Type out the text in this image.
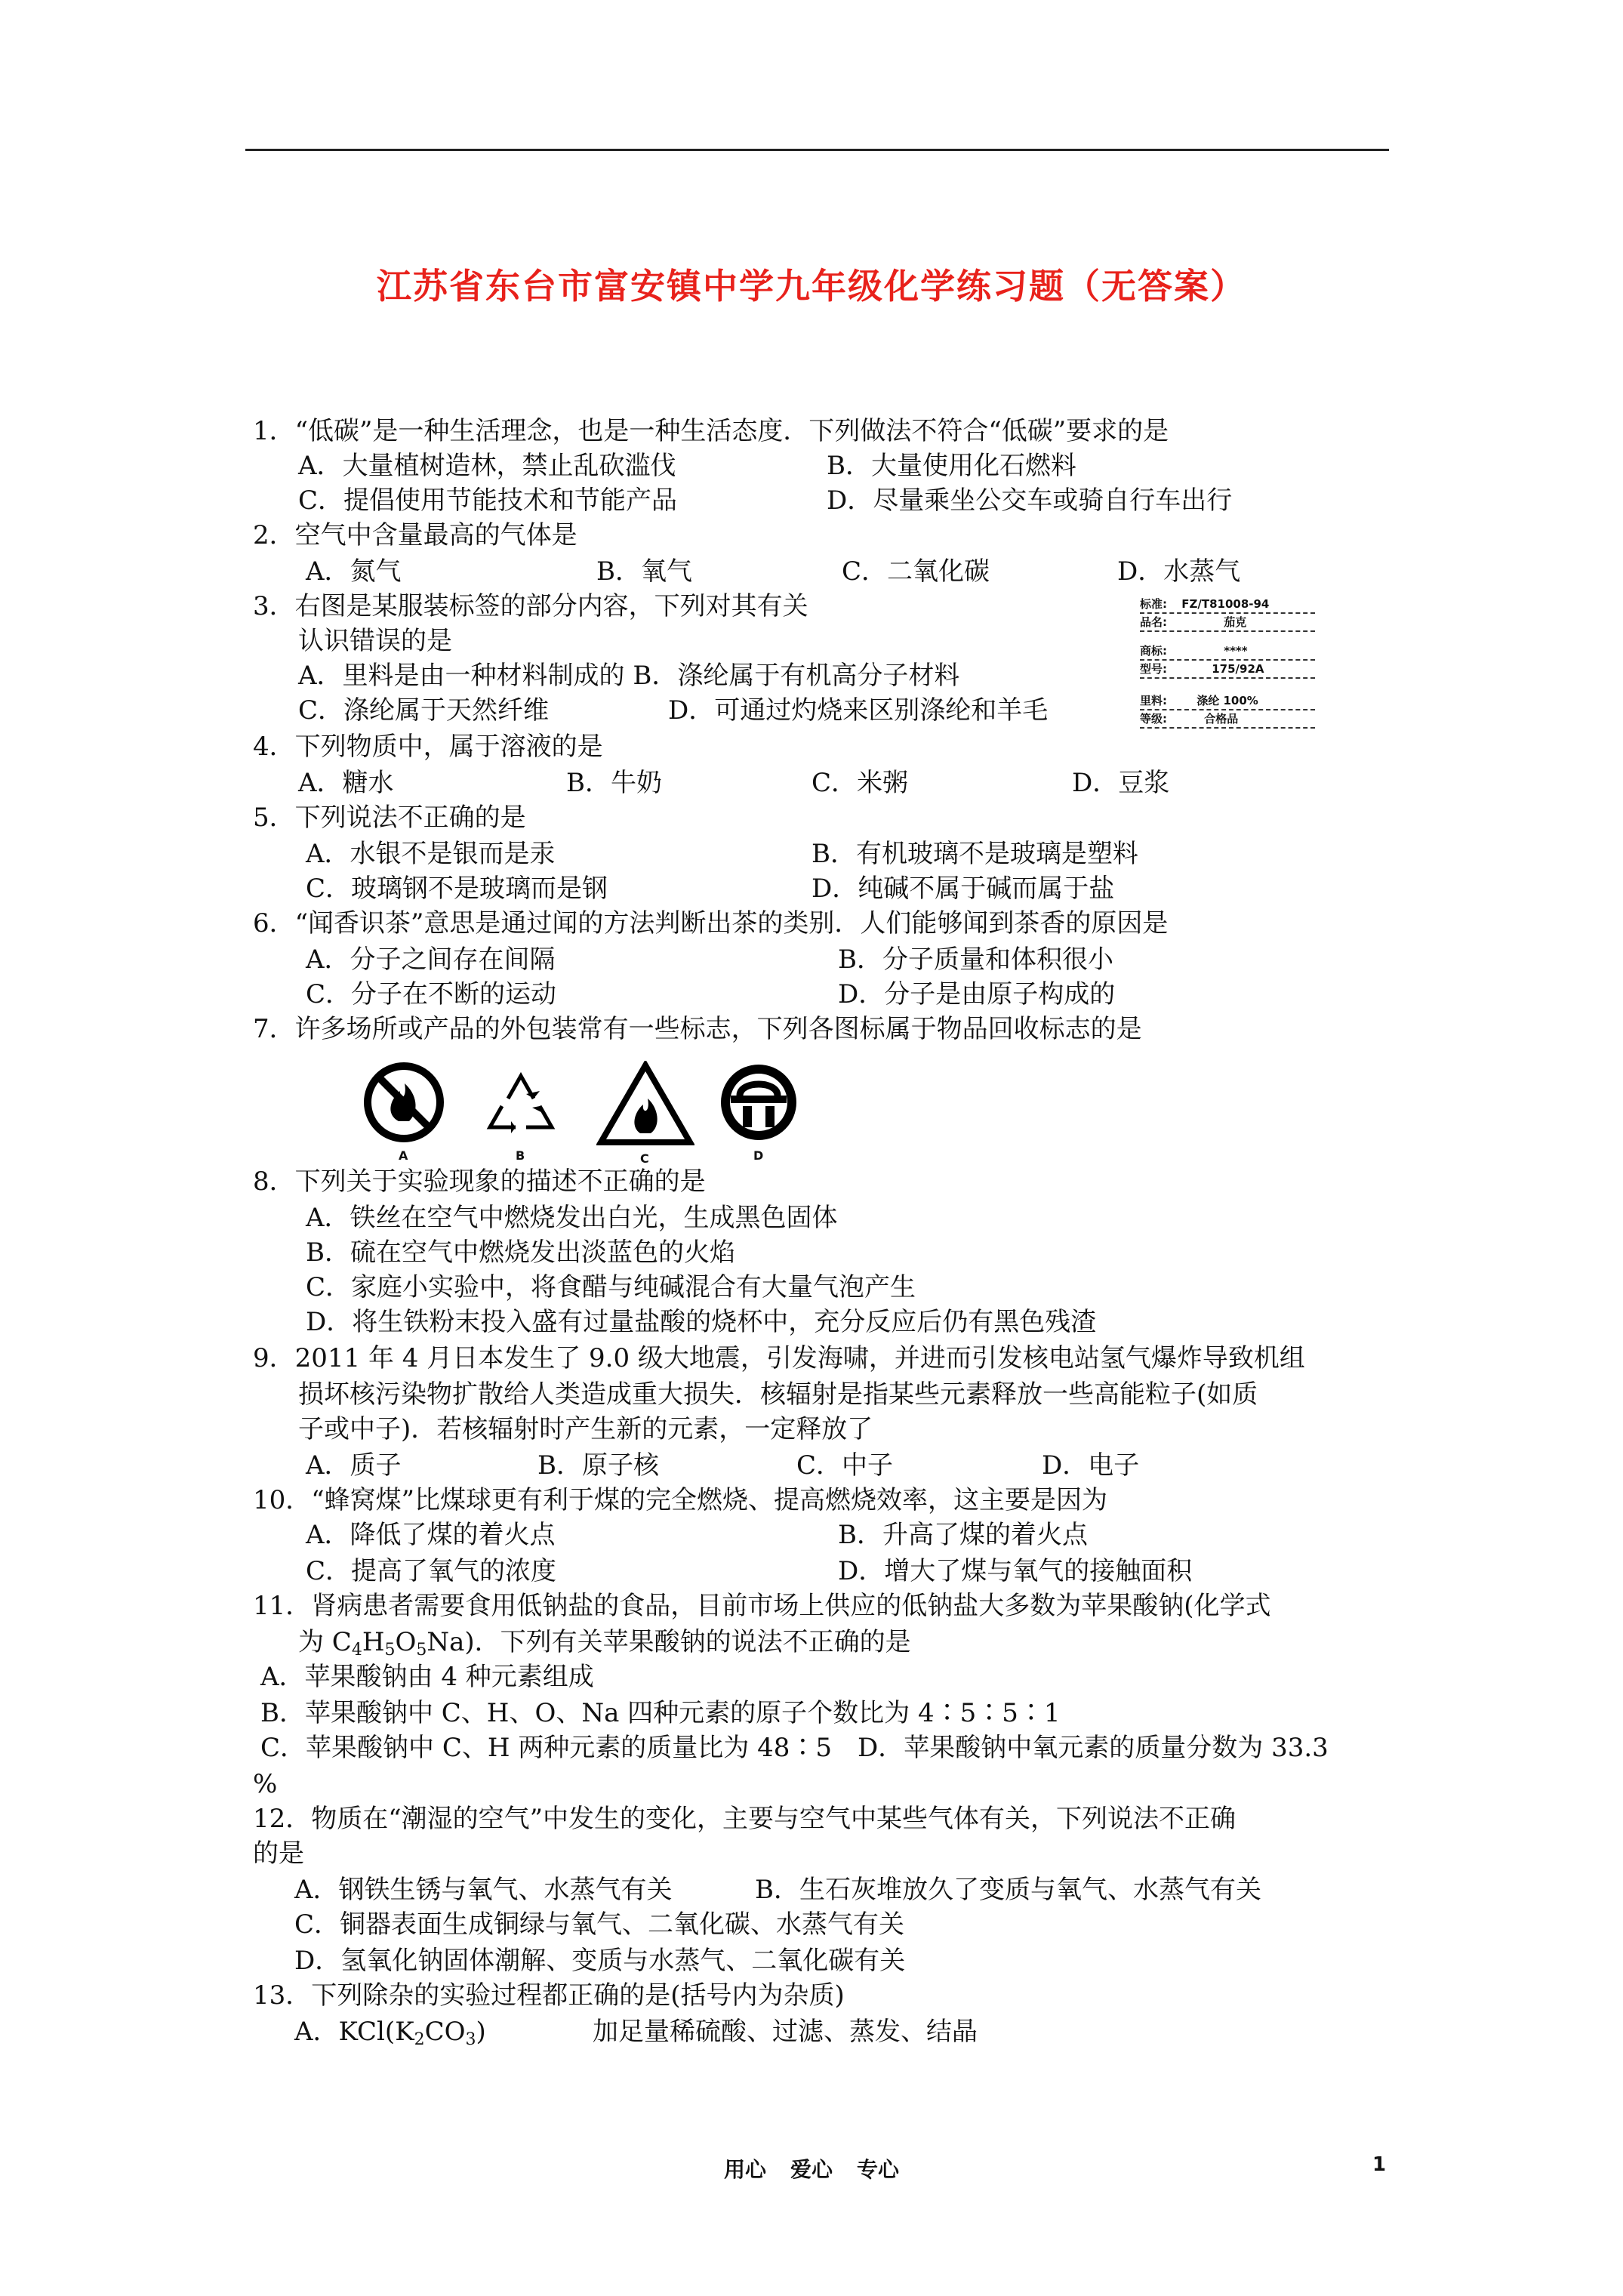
江苏省东台市富安镇中学九年级化学练习题（无答案）
1．“低碳”是一种生活理念，也是一种生活态度．下列做法不符合“低碳”要求的是
A．大量植树造林，禁止乱砍滥伐	B．大量使用化石燃料
C．提倡使用节能技术和节能产品	D．尽量乘坐公交车或骑自行车出行
2．空气中含量最高的气体是
A．氮气	B．氧气	C．二氧化碳	D．水蒸气
3．右图是某服装标签的部分内容，下列对其有关
认识错误的是
A．里料是由一种材料制成的 B．涤纶属于有机高分子材料
C．涤纶属于天然纤维	D．可通过灼烧来区别涤纶和羊毛
标准: FZ/T81008-94
品名:	茄克
商标:	****
型号:	175/92A
里料:	涤纶 100%
等级:	合格品
4．下列物质中，属于溶液的是
A．糖水	B．牛奶	C．米粥	D．豆浆
5．下列说法不正确的是
A．水银不是银而是汞	B．有机玻璃不是玻璃是塑料
C．玻璃钢不是玻璃而是钢	D．纯碱不属于碱而属于盐
6．“闻香识茶”意思是通过闻的方法判断出茶的类别．人们能够闻到茶香的原因是
A．分子之间存在间隔	B．分子质量和体积很小
C．分子在不断的运动	D．分子是由原子构成的
7．许多场所或产品的外包装常有一些标志，下列各图标属于物品回收标志的是
A	B	C	D
8．下列关于实验现象的描述不正确的是
A．铁丝在空气中燃烧发出白光，生成黑色固体
B．硫在空气中燃烧发出淡蓝色的火焰
C．家庭小实验中，将食醋与纯碱混合有大量气泡产生
D．将生铁粉末投入盛有过量盐酸的烧杯中，充分反应后仍有黑色残渣
9．2011 年 4 月日本发生了 9.0 级大地震，引发海啸，并进而引发核电站氢气爆炸导致机组
损坏核污染物扩散给人类造成重大损失．核辐射是指某些元素释放一些高能粒子(如质
子或中子)．若核辐射时产生新的元素，一定释放了
A．质子	B．原子核	C．中子	D．电子
10．“蜂窝煤”比煤球更有利于煤的完全燃烧、提高燃烧效率，这主要是因为
A．降低了煤的着火点	B．升高了煤的着火点
C．提高了氧气的浓度	D．增大了煤与氧气的接触面积
11．肾病患者需要食用低钠盐的食品，目前市场上供应的低钠盐大多数为苹果酸钠(化学式
为 $C_4H_5O_5Na$)．下列有关苹果酸钠的说法不正确的是
A．苹果酸钠由 4 种元素组成
B．苹果酸钠中 C、H、O、Na 四种元素的原子个数比为 4∶5∶5∶1
C．苹果酸钠中 C、H 两种元素的质量比为 48∶5　D．苹果酸钠中氧元素的质量分数为 33.3
%
12．物质在“潮湿的空气”中发生的变化，主要与空气中某些气体有关，下列说法不正确
的是
A．钢铁生锈与氧气、水蒸气有关	B．生石灰堆放久了变质与氧气、水蒸气有关
C．铜器表面生成铜绿与氧气、二氧化碳、水蒸气有关
D．氢氧化钠固体潮解、变质与水蒸气、二氧化碳有关
13．下列除杂的实验过程都正确的是(括号内为杂质)
A．$KCl(K_2CO_3)$	加足量稀硫酸、过滤、蒸发、结晶
用心 爱心 专心	1
